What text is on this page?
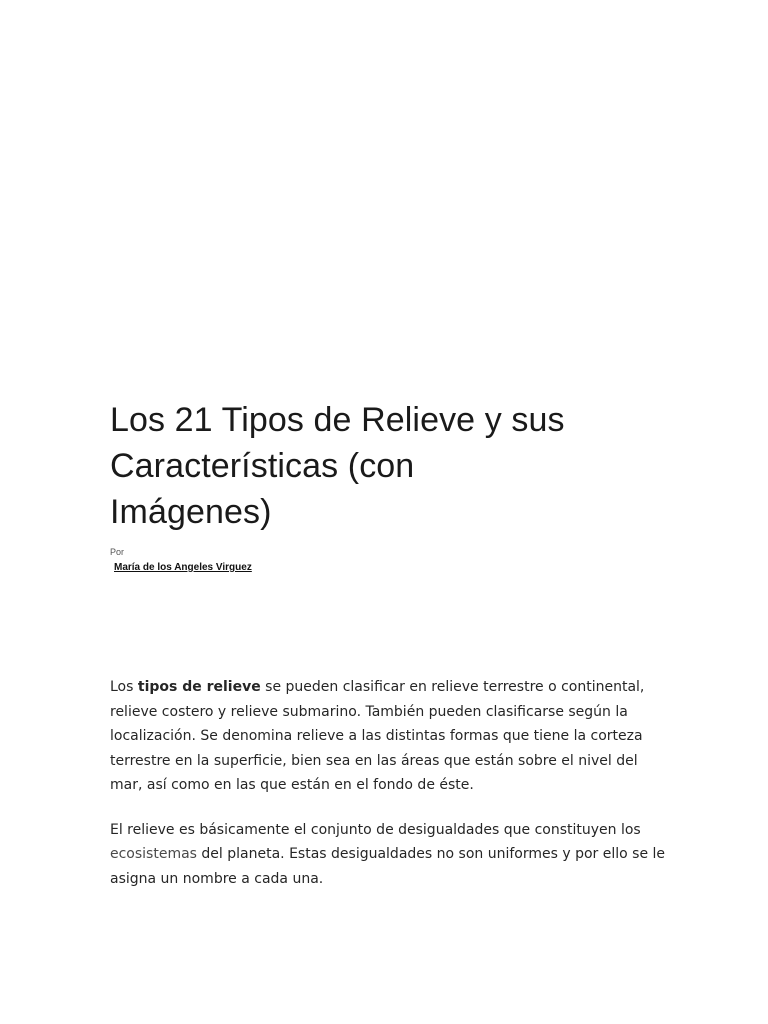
Los 21 Tipos de Relieve y sus
Características (con
Imágenes)
Por
María de los Angeles Virguez

Los tipos de relieve se pueden clasificar en relieve terrestre o continental, relieve costero y relieve submarino. También pueden clasificarse según la localización. Se denomina relieve a las distintas formas que tiene la corteza terrestre en la superficie, bien sea en las áreas que están sobre el nivel del mar, así como en las que están en el fondo de éste.

El relieve es básicamente el conjunto de desigualdades que constituyen los ecosistemas del planeta. Estas desigualdades no son uniformes y por ello se le asigna un nombre a cada una.
